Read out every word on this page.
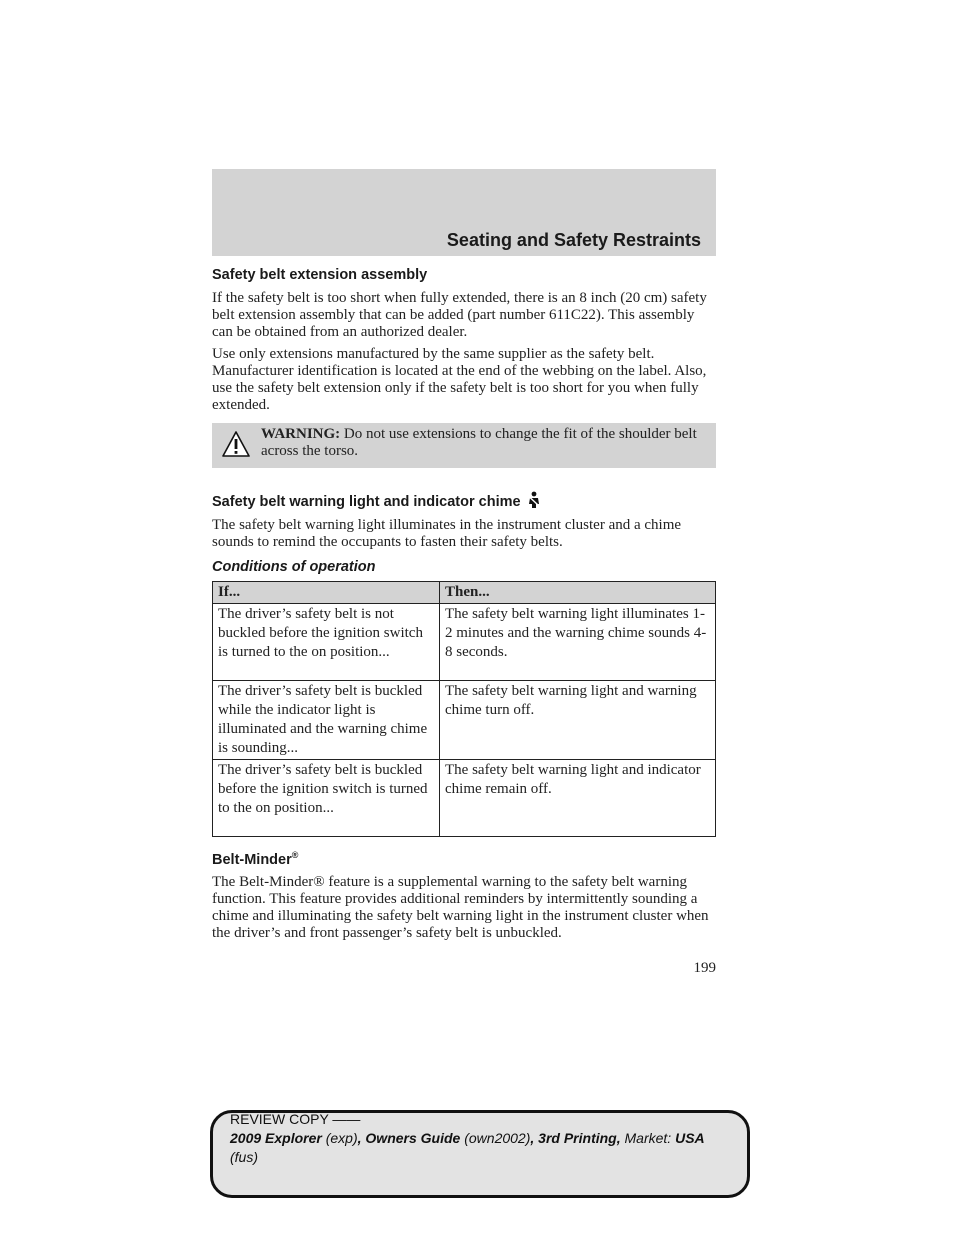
Seating and Safety Restraints
Safety belt extension assembly

If the safety belt is too short when fully extended, there is an 8 inch (20 cm) safety belt extension assembly that can be added (part number 611C22). This assembly can be obtained from an authorized dealer.

Use only extensions manufactured by the same supplier as the safety belt. Manufacturer identification is located at the end of the webbing on the label. Also, use the safety belt extension only if the safety belt is too short for you when fully extended.

WARNING: Do not use extensions to change the fit of the shoulder belt across the torso.
Safety belt warning light and indicator chime

The safety belt warning light illuminates in the instrument cluster and a chime sounds to remind the occupants to fasten their safety belts.

Conditions of operation
If...	Then...
The driver’s safety belt is not buckled before the ignition switch is turned to the on position...	The safety belt warning light illuminates 1-2 minutes and the warning chime sounds 4-8 seconds.
The driver’s safety belt is buckled while the indicator light is illuminated and the warning chime is sounding...	The safety belt warning light and warning chime turn off.
The driver’s safety belt is buckled before the ignition switch is turned to the on position...	The safety belt warning light and indicator chime remain off.
Belt-Minder®

The Belt-Minder® feature is a supplemental warning to the safety belt warning function. This feature provides additional reminders by intermittently sounding a chime and illuminating the safety belt warning light in the instrument cluster when the driver’s and front passenger’s safety belt is unbuckled.

199
REVIEW COPY ——
2009 Explorer (exp), Owners Guide (own2002), 3rd Printing, Market: USA
(fus)
